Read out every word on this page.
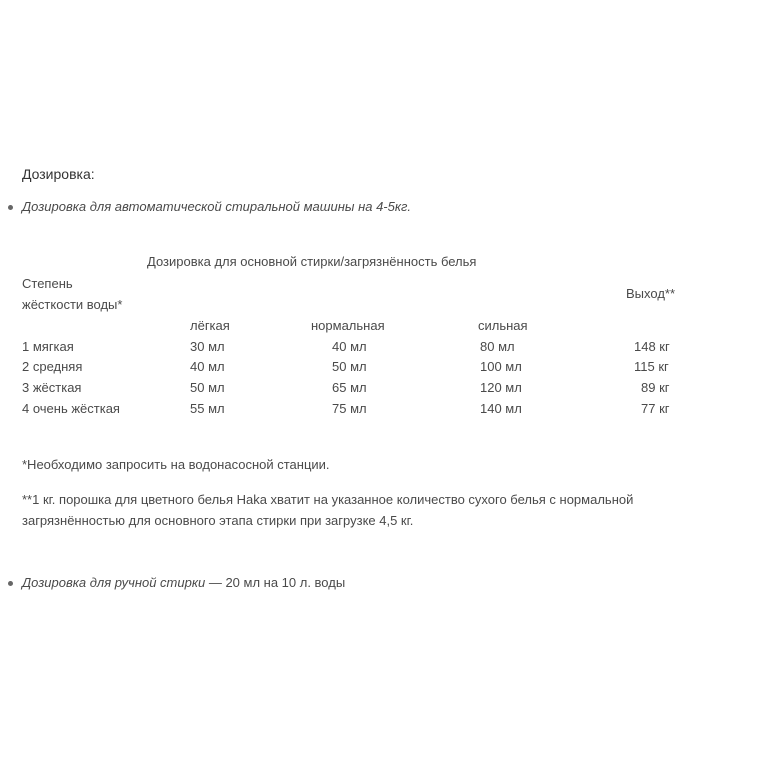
Дозировка:
Дозировка для автоматической стиральной машины на 4-5кг.
Дозировка для основной стирки/загрязнённость белья
Степень
жёсткости воды*
Выход**
лёгкая	нормальная	сильная
1 мягкая	30 мл	40 мл	80 мл	148 кг
2 средняя	40 мл	50 мл	100 мл	115 кг
3 жёсткая	50 мл	65 мл	120 мл	89 кг
4 очень жёсткая	55 мл	75 мл	140 мл	77 кг
*Необходимо запросить на водонасосной станции.
**1 кг. порошка для цветного белья Haka хватит на указанное количество сухого белья с нормальной загрязнённостью для основного этапа стирки при загрузке 4,5 кг.
Дозировка для ручной стирки — 20 мл на 10 л. воды
